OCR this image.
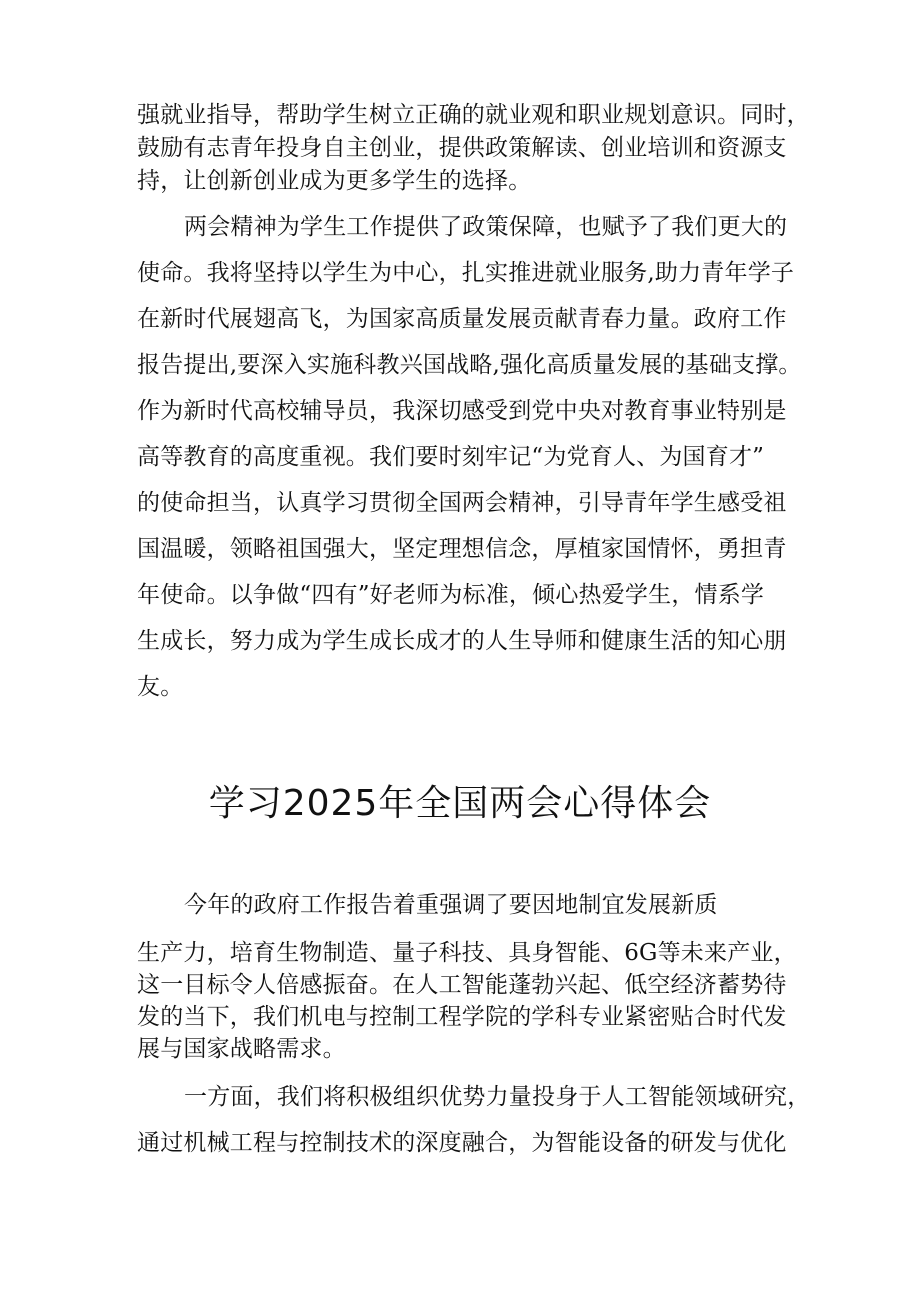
强就业指导，帮助学生树立正确的就业观和职业规划意识。同时，
鼓励有志青年投身自主创业，提供政策解读、创业培训和资源支
持，让创新创业成为更多学生的选择。
两会精神为学生工作提供了政策保障，也赋予了我们更大的
使命。我将坚持以学生为中心，扎实推进就业服务,助力青年学子
在新时代展翅高飞，为国家高质量发展贡献青春力量。政府工作
报告提出,要深入实施科教兴国战略,强化高质量发展的基础支撑。
作为新时代高校辅导员，我深切感受到党中央对教育事业特别是
高等教育的高度重视。我们要时刻牢记“为党育人、为国育才”
的使命担当，认真学习贯彻全国两会精神，引导青年学生感受祖
国温暖，领略祖国强大，坚定理想信念，厚植家国情怀，勇担青
年使命。以争做“四有”好老师为标准，倾心热爱学生，情系学
生成长，努力成为学生成长成才的人生导师和健康生活的知心朋
友。
学习2025年全国两会心得体会
今年的政府工作报告着重强调了要因地制宜发展新质
生产力，培育生物制造、量子科技、具身智能、6G等未来产业，
这一目标令人倍感振奋。在人工智能蓬勃兴起、低空经济蓄势待
发的当下，我们机电与控制工程学院的学科专业紧密贴合时代发
展与国家战略需求。
一方面，我们将积极组织优势力量投身于人工智能领域研究，
通过机械工程与控制技术的深度融合，为智能设备的研发与优化
